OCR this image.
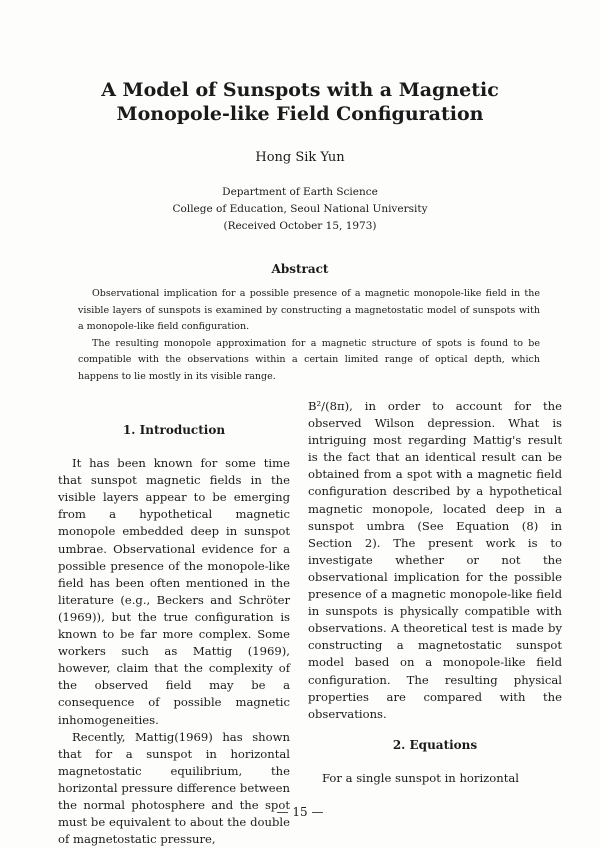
A Model of Sunspots with a Magnetic
Monopole-like Field Configuration
Hong Sik Yun
Department of Earth Science
College of Education, Seoul National University
(Received October 15, 1973)
Abstract

Observational implication for a possible presence of a magnetic monopole-like field in the visible layers of sunspots is examined by constructing a magnetostatic model of sunspots with a monopole-like field configuration.

The resulting monopole approximation for a magnetic structure of spots is found to be compatible with the observations within a certain limited range of optical depth, which happens to lie mostly in its visible range.

1. Introduction

It has been known for some time that sunspot magnetic fields in the visible layers appear to be emerging from a hypothetical magnetic monopole embedded deep in sunspot umbrae. Observational evidence for a possible presence of the monopole-like field has been often mentioned in the literature (e.g., Beckers and Schröter (1969)), but the true configuration is known to be far more complex. Some workers such as Mattig (1969), however, claim that the complexity of the observed field may be a consequence of possible magnetic inhomogeneities.

Recently, Mattig(1969) has shown that for a sunspot in horizontal magnetostatic equilibrium, the horizontal pressure difference between the normal photosphere and the spot must be equivalent to about the double of magnetostatic pressure,

B²/(8π), in order to account for the observed Wilson depression. What is intriguing most regarding Mattig's result is the fact that an identical result can be obtained from a spot with a magnetic field configuration described by a hypothetical magnetic monopole, located deep in a sunspot umbra (See Equation (8) in Section 2). The present work is to investigate whether or not the observational implication for the possible presence of a magnetic monopole-like field in sunspots is physically compatible with observations. A theoretical test is made by constructing a magnetostatic sunspot model based on a monopole-like field configuration. The resulting physical properties are compared with the observations.

2. Equations

For a single sunspot in horizontal

— 15 —
